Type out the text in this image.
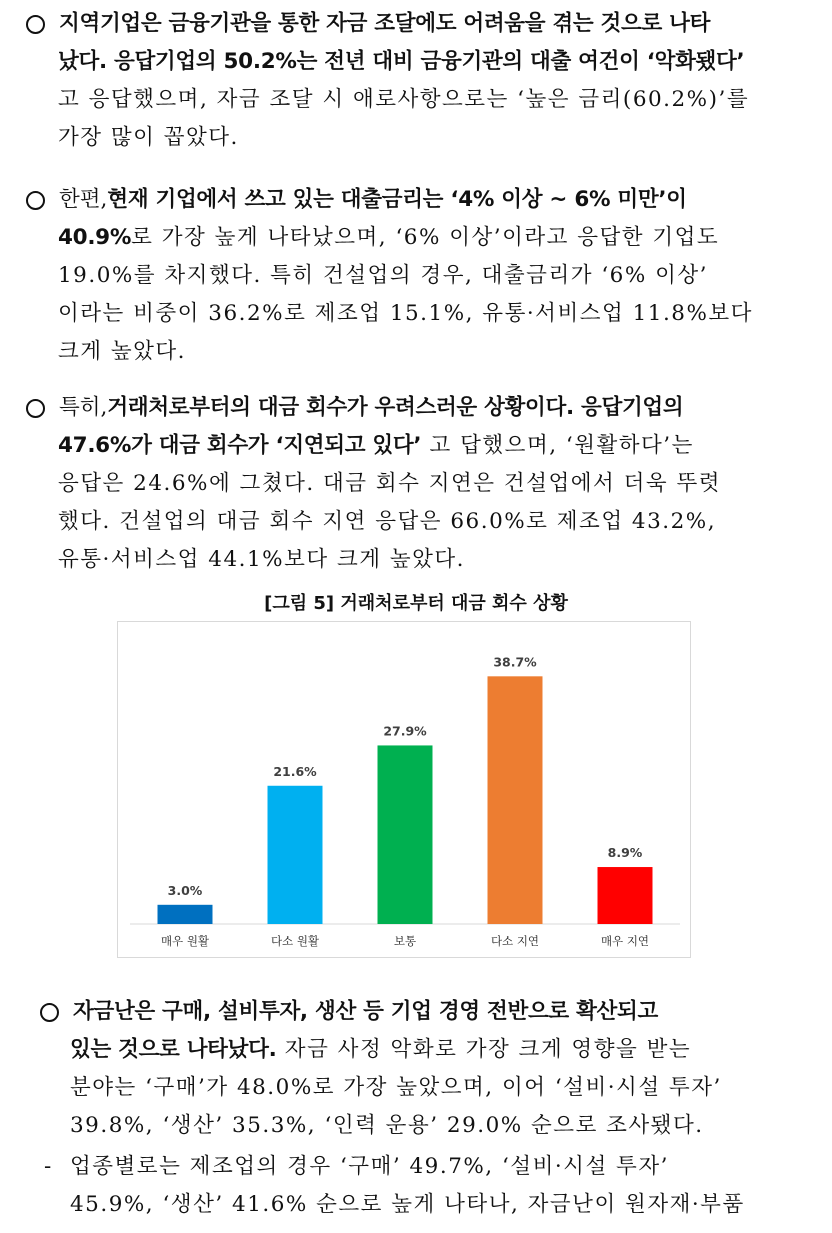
지역기업은 금융기관을 통한 자금 조달에도 어려움을 겪는 것으로 나타
났다. 응답기업의 50.2%는 전년 대비 금융기관의 대출 여건이 ‘악화됐다’
고 응답했으며, 자금 조달 시 애로사항으로는 ‘높은 금리(60.2%)’를
가장 많이 꼽았다.
한편, 현재 기업에서 쓰고 있는 대출금리는 ‘4% 이상 ~ 6% 미만’이
40.9%로 가장 높게 나타났으며, ‘6% 이상’이라고 응답한 기업도
19.0%를 차지했다. 특히 건설업의 경우, 대출금리가 ‘6% 이상’
이라는 비중이 36.2%로 제조업 15.1%, 유통·서비스업 11.8%보다
크게 높았다.
특히, 거래처로부터의 대금 회수가 우려스러운 상황이다. 응답기업의
47.6%가 대금 회수가 ‘지연되고 있다’ 고 답했으며, ‘원활하다’는
응답은 24.6%에 그쳤다. 대금 회수 지연은 건설업에서 더욱 뚜렷
했다. 건설업의 대금 회수 지연 응답은 66.0%로 제조업 43.2%,
유통·서비스업 44.1%보다 크게 높았다.
[그림 5] 거래처로부터 대금 회수 상황
3.0%
매우 원활
21.6%
다소 원활
27.9%
보통
38.7%
다소 지연
8.9%
매우 지연
자금난은 구매, 설비투자, 생산 등 기업 경영 전반으로 확산되고
있는 것으로 나타났다. 자금 사정 악화로 가장 크게 영향을 받는
분야는 ‘구매’가 48.0%로 가장 높았으며, 이어 ‘설비·시설 투자’
39.8%, ‘생산’ 35.3%, ‘인력 운용’ 29.0% 순으로 조사됐다.
- 업종별로는 제조업의 경우 ‘구매’ 49.7%, ‘설비·시설 투자’
45.9%, ‘생산’ 41.6% 순으로 높게 나타나, 자금난이 원자재·부품
